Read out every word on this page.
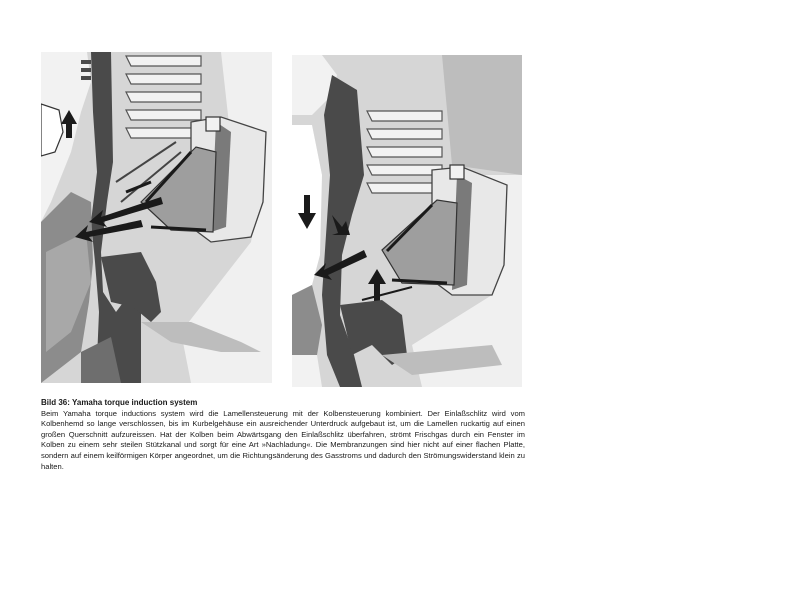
Bild 36: Yamaha torque induction system
Beim Yamaha torque inductions system wird die Lamellensteuerung mit der Kolbensteuerung kombiniert. Der Einlaßschlitz wird vom Kolbenhemd so lange verschlossen, bis im Kurbelgehäuse ein ausreichender Unterdruck aufgebaut ist, um die Lamellen ruckartig auf einen großen Querschnitt aufzureissen. Hat der Kolben beim Abwärtsgang den Einlaßschlitz überfahren, strömt Frischgas durch ein Fenster im Kolben zu einem sehr steilen Stützkanal und sorgt für eine Art »Nachladung«. Die Membranzungen sind hier nicht auf einer flachen Platte, sondern auf einem keilförmigen Körper angeordnet, um die Richtungsänderung des Gasstroms und dadurch den Strömungswiderstand klein zu halten.
